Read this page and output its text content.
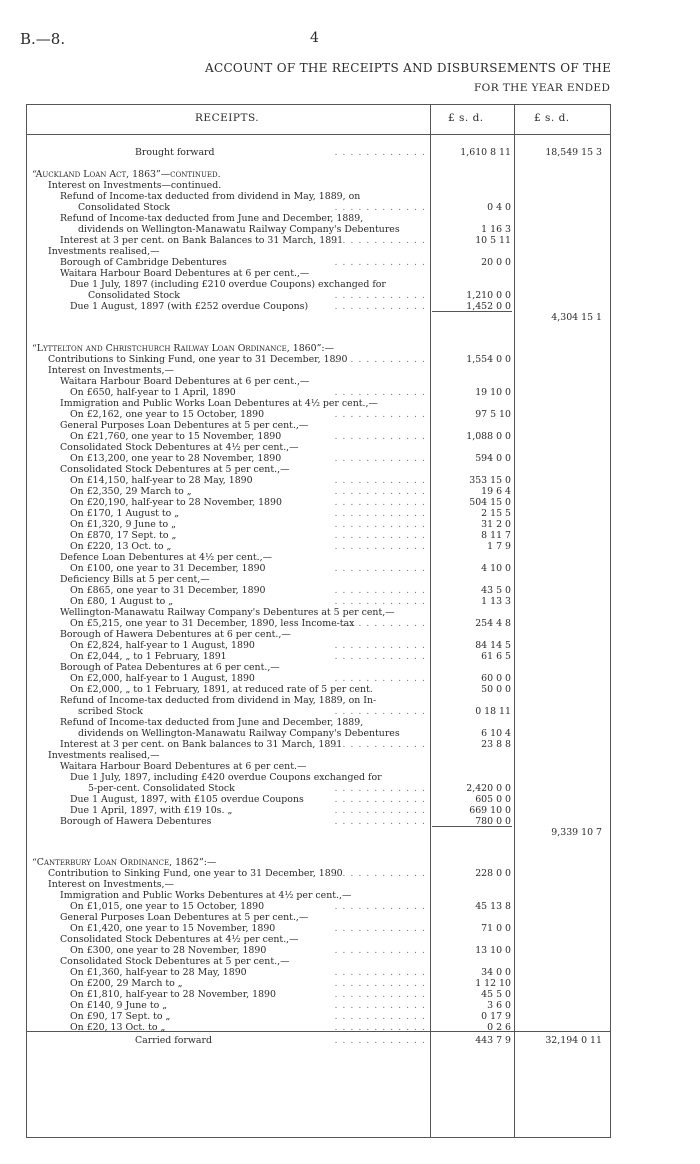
B.—8.	4
ACCOUNT OF THE RECEIPTS AND DISBURSEMENTS OF THE
FOR THE YEAR ENDED
RECEIPTS.	£ s. d.	£ s. d.
Brought forward	. . . . . . . . . . . .	1,610 8 11	18,549 15 3
“Auckland Loan Act, 1863”—continued.
Interest on Investments—continued.
Refund of Income-tax deducted from dividend in May, 1889, on
Consolidated Stock	. . . . . . . . . . . .	0 4 0
Refund of Income-tax deducted from June and December, 1889,
dividends on Wellington-Manawatu Railway Company's Debentures	1 16 3
Interest at 3 per cent. on Bank Balances to 31 March, 1891
. . . . . . . . . . . .	10 5 11
Investments realised,—
Borough of Cambridge Debentures	. . . . . . . . . . . .	20 0 0
Waitara Harbour Board Debentures at 6 per cent.,—
Due 1 July, 1897 (including £210 overdue Coupons) exchanged for
Consolidated Stock	. . . . . . . . . . . .	1,210 0 0
Due 1 August, 1897 (with £252 overdue Coupons)	. . . . . . . . . . . .	1,452 0 0
4,304 15 1
“Lyttelton and Christchurch Railway Loan Ordinance, 1860”:—
Contributions to Sinking Fund, one year to 31 December, 1890
. . . . . . . . . . . .	1,554 0 0
Interest on Investments,—
Waitara Harbour Board Debentures at 6 per cent.,—
On £650, half-year to 1 April, 1890	. . . . . . . . . . . .	19 10 0
Immigration and Public Works Loan Debentures at 4½ per cent.,—
On £2,162, one year to 15 October, 1890	. . . . . . . . . . . .	97 5 10
General Purposes Loan Debentures at 5 per cent.,—
On £21,760, one year to 15 November, 1890	. . . . . . . . . . . .	1,088 0 0
Consolidated Stock Debentures at 4½ per cent.,—
On £13,200, one year to 28 November, 1890	. . . . . . . . . . . .	594 0 0
Consolidated Stock Debentures at 5 per cent.,—
On £14,150, half-year to 28 May, 1890	. . . . . . . . . . . .	353 15 0
On £2,350, 29 March to „	. . . . . . . . . . . .	19 6 4
On £20,190, half-year to 28 November, 1890	. . . . . . . . . . . .	504 15 0
On £170, 1 August to „	. . . . . . . . . . . .	2 15 5
On £1,320, 9 June to „	. . . . . . . . . . . .	31 2 0
On £870, 17 Sept. to „	. . . . . . . . . . . .	8 11 7
On £220, 13 Oct. to „	. . . . . . . . . . . .	1 7 9
Defence Loan Debentures at 4½ per cent.,—
On £100, one year to 31 December, 1890	. . . . . . . . . . . .	4 10 0
Deficiency Bills at 5 per cent,—
On £865, one year to 31 December, 1890	. . . . . . . . . . . .	43 5 0
On £80, 1 August to „	. . . . . . . . . . . .	1 13 3
Wellington-Manawatu Railway Company's Debentures at 5 per cent,—
On £5,215, one year to 31 December, 1890, less Income-tax
. . . . . . . . . . . .	254 4 8
Borough of Hawera Debentures at 6 per cent.,—
On £2,824, half-year to 1 August, 1890	. . . . . . . . . . . .	84 14 5
On £2,044, „ to 1 February, 1891	. . . . . . . . . . . .	61 6 5
Borough of Patea Debentures at 6 per cent.,—
On £2,000, half-year to 1 August, 1890	. . . . . . . . . . . .	60 0 0
On £2,000, „ to 1 February, 1891, at reduced rate of 5 per cent.	50 0 0
Refund of Income-tax deducted from dividend in May, 1889, on In-
scribed Stock	. . . . . . . . . . . .	0 18 11
Refund of Income-tax deducted from June and December, 1889,
dividends on Wellington-Manawatu Railway Company's Debentures	6 10 4
Interest at 3 per cent. on Bank balances to 31 March, 1891
. . . . . . . . . . . .	23 8 8
Investments realised,—
Waitara Harbour Board Debentures at 6 per cent.—
Due 1 July, 1897, including £420 overdue Coupons exchanged for
5-per-cent. Consolidated Stock	. . . . . . . . . . . .	2,420 0 0
Due 1 August, 1897, with £105 overdue Coupons	. . . . . . . . . . . .	605 0 0
Due 1 April, 1897, with £19 10s. „	. . . . . . . . . . . .	669 10 0
Borough of Hawera Debentures	. . . . . . . . . . . .	780 0 0
9,339 10 7
“Canterbury Loan Ordinance, 1862”:—
Contribution to Sinking Fund, one year to 31 December, 1890
. . . . . . . . . . . .	228 0 0
Interest on Investments,—
Immigration and Public Works Debentures at 4½ per cent.,—
On £1,015, one year to 15 October, 1890	. . . . . . . . . . . .	45 13 8
General Purposes Loan Debentures at 5 per cent.,—
On £1,420, one year to 15 November, 1890	. . . . . . . . . . . .	71 0 0
Consolidated Stock Debentures at 4½ per cent.,—
On £300, one year to 28 November, 1890	. . . . . . . . . . . .	13 10 0
Consolidated Stock Debentures at 5 per cent.,—
On £1,360, half-year to 28 May, 1890	. . . . . . . . . . . .	34 0 0
On £200, 29 March to „	. . . . . . . . . . . .	1 12 10
On £1,810, half-year to 28 November, 1890	. . . . . . . . . . . .	45 5 0
On £140, 9 June to „	. . . . . . . . . . . .	3 6 0
On £90, 17 Sept. to „	. . . . . . . . . . . .	0 17 9
On £20, 13 Oct. to „	. . . . . . . . . . . .	0 2 6
Carried forward	. . . . . . . . . . . .	443 7 9	32,194 0 11
